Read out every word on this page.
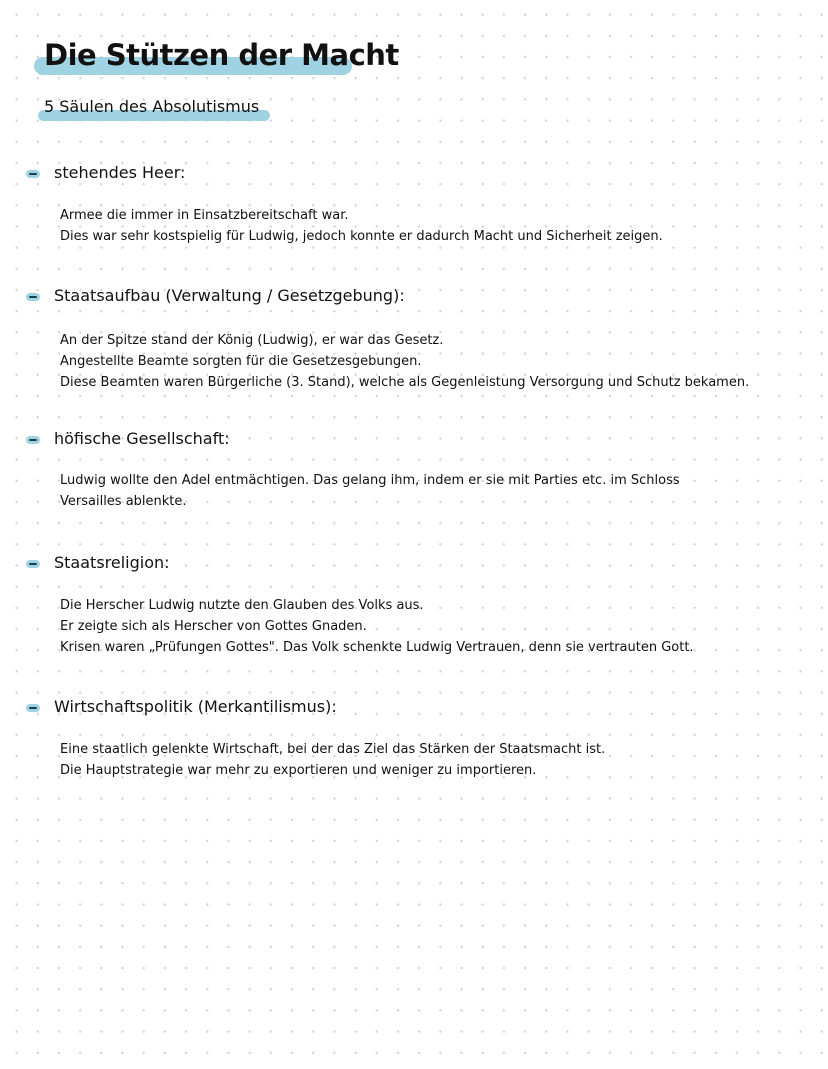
Die Stützen der Macht
5 Säulen des Absolutismus
stehendes Heer:
Armee die immer in Einsatzbereitschaft war.
Dies war sehr kostspielig für Ludwig, jedoch konnte er dadurch Macht und Sicherheit zeigen.
Staatsaufbau (Verwaltung / Gesetzgebung):
An der Spitze stand der König (Ludwig), er war das Gesetz.
Angestellte Beamte sorgten für die Gesetzesgebungen.
Diese Beamten waren Bürgerliche (3. Stand), welche als Gegenleistung Versorgung und Schutz bekamen.
höfische Gesellschaft:
Ludwig wollte den Adel entmächtigen. Das gelang ihm, indem er sie mit Parties etc. im Schloss
Versailles ablenkte.
Staatsreligion:
Die Herscher Ludwig nutzte den Glauben des Volks aus.
Er zeigte sich als Herscher von Gottes Gnaden.
Krisen waren „Prüfungen Gottes". Das Volk schenkte Ludwig Vertrauen, denn sie vertrauten Gott.
Wirtschaftspolitik (Merkantilismus):
Eine staatlich gelenkte Wirtschaft, bei der das Ziel das Stärken der Staatsmacht ist.
Die Hauptstrategie war mehr zu exportieren und weniger zu importieren.
